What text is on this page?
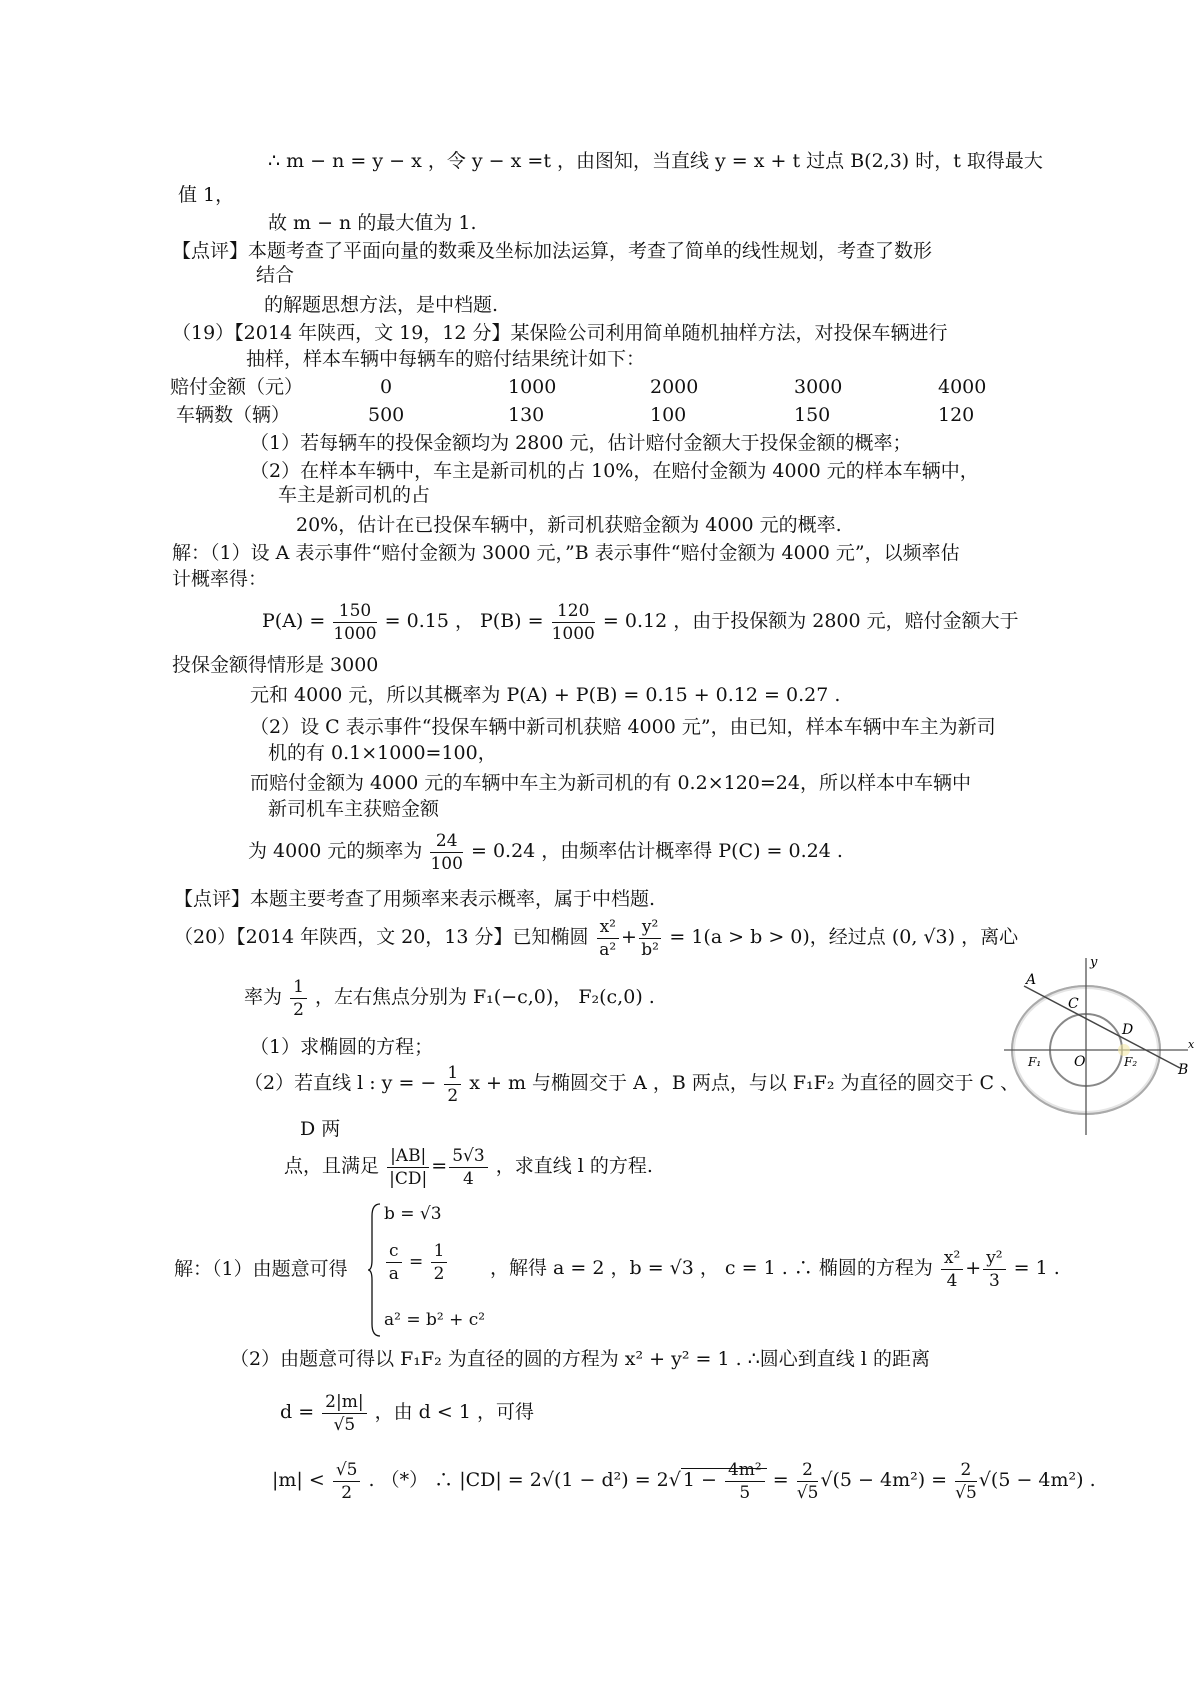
∴ m − n = y − x ，令 y − x =t ，由图知，当直线 y = x + t 过点 B(2,3) 时，t 取得最大
值 1，
故 m − n 的最大值为 1.
【点评】本题考查了平面向量的数乘及坐标加法运算，考查了简单的线性规划，考查了数形
结合
的解题思想方法，是中档题.
（19）【2014 年陕西，文 19，12 分】某保险公司利用简单随机抽样方法，对投保车辆进行
抽样，样本车辆中每辆车的赔付结果统计如下：
赔付金额（元）	0	1000	2000	3000	4000
车辆数（辆）	500	130	100	150	120
（1）若每辆车的投保金额均为 2800 元，估计赔付金额大于投保金额的概率；
（2）在样本车辆中，车主是新司机的占 10%，在赔付金额为 4000 元的样本车辆中，
车主是新司机的占
20%，估计在已投保车辆中，新司机获赔金额为 4000 元的概率.
解：（1）设 A 表示事件“赔付金额为 3000 元，”B 表示事件“赔付金额为 4000 元”，以频率估
计概率得：
$P(A) = \frac{150}{1000} = 0.15$ ， $P(B) = \frac{120}{1000} = 0.12$ ，由于投保额为 2800 元，赔付金额大于
投保金额得情形是 3000
元和 4000 元，所以其概率为 P(A) + P(B) = 0.15 + 0.12 = 0.27 .
（2）设 C 表示事件“投保车辆中新司机获赔 4000 元”，由已知，样本车辆中车主为新司
机的有 0.1×1000=100，
而赔付金额为 4000 元的车辆中车主为新司机的有 0.2×120=24，所以样本中车辆中
新司机车主获赔金额
为 4000 元的频率为 $\frac{24}{100} = 0.24$ ，由频率估计概率得 P(C) = 0.24 .
【点评】本题主要考查了用频率来表示概率，属于中档题.
（20）【2014 年陕西，文 20，13 分】已知椭圆 $\frac{\text{x²}}{\text{a²}} + \frac{\text{y²}}{\text{b²}} = 1(a > b > 0)$，经过点 (0, √3) ，离心
率为 $\frac{1}{2}$ ，左右焦点分别为 F₁(−c,0)， F₂(c,0) .
（1）求椭圆的方程；
（2）若直线 l : y = − $\frac{1}{2}$ x + m 与椭圆交于 A ，B 两点，与以 F₁F₂ 为直径的圆交于 C 、
D 两
点，且满足 $\frac{|AB|}{|CD|} = \frac{5√3}{4}$ ，求直线 l 的方程.
解：（1）由题意可得
b = √3
$\frac{c}{a} = \frac{1}{2}$
a² = b² + c²
，解得 a = 2 ，b = √3 ， c = 1 . ∴ 椭圆的方程为 $\frac{\text{x²}}{4} + \frac{\text{y²}}{3} = 1$ .
（2）由题意可得以 F₁F₂ 为直径的圆的方程为 x² + y² = 1 . ∴圆心到直线 l 的距离
$d = \frac{2|m|}{√5}$ ，由 d < 1 ，可得
$|m| < \frac{√5}{2}$ . （*） ∴ |CD| = 2√(1 − d²) = 2√ $1 - \frac{\text{4m²}}{5} = \frac{2}{√5} √(5 - 4m^2) = \frac{2}{√5} √(5 - 4m^2)$ .
A
C
D
F₁ O	F₂	B
x
y
